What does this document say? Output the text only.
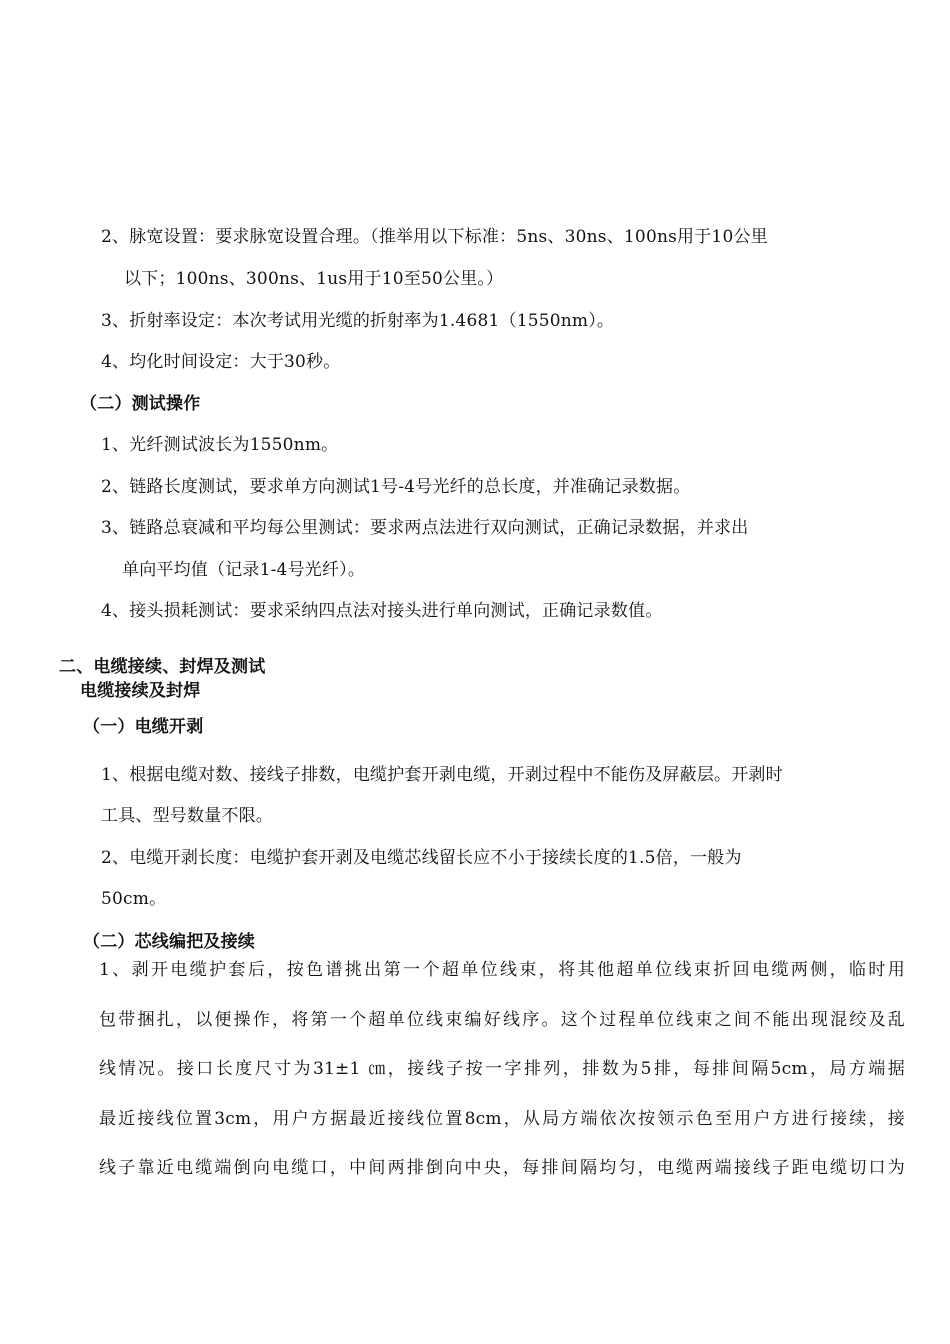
2、脉宽设置：要求脉宽设置合理。（推举用以下标准：5ns、30ns、100ns用于10公里
以下；100ns、300ns、1us用于10至50公里。）
3、折射率设定：本次考试用光缆的折射率为1.4681（1550nm）。
4、均化时间设定：大于30秒。
（二）测试操作
1、光纤测试波长为1550nm。
2、链路长度测试，要求单方向测试1号-4号光纤的总长度，并准确记录数据。
3、链路总衰减和平均每公里测试：要求两点法进行双向测试，正确记录数据，并求出
单向平均值（记录1-4号光纤）。
4、接头损耗测试：要求采纳四点法对接头进行单向测试，正确记录数值。
二、电缆接续、封焊及测试
电缆接续及封焊
（一）电缆开剥
1、根据电缆对数、接线子排数，电缆护套开剥电缆，开剥过程中不能伤及屏蔽层。开剥时
工具、型号数量不限。
2、电缆开剥长度：电缆护套开剥及电缆芯线留长应不小于接续长度的1.5倍，一般为
50cm。
（二）芯线编把及接续
1、剥开电缆护套后，按色谱挑出第一个超单位线束，将其他超单位线束折回电缆两侧，临时用
包带捆扎，以便操作，将第一个超单位线束编好线序。这个过程单位线束之间不能出现混绞及乱
线情况。接口长度尺寸为31±1 ㎝，接线子按一字排列，排数为5排，每排间隔5cm，局方端据
最近接线位置3cm，用户方据最近接线位置8cm，从局方端依次按领示色至用户方进行接续，接
线子靠近电缆端倒向电缆口，中间两排倒向中央，每排间隔均匀，电缆两端接线子距电缆切口为
